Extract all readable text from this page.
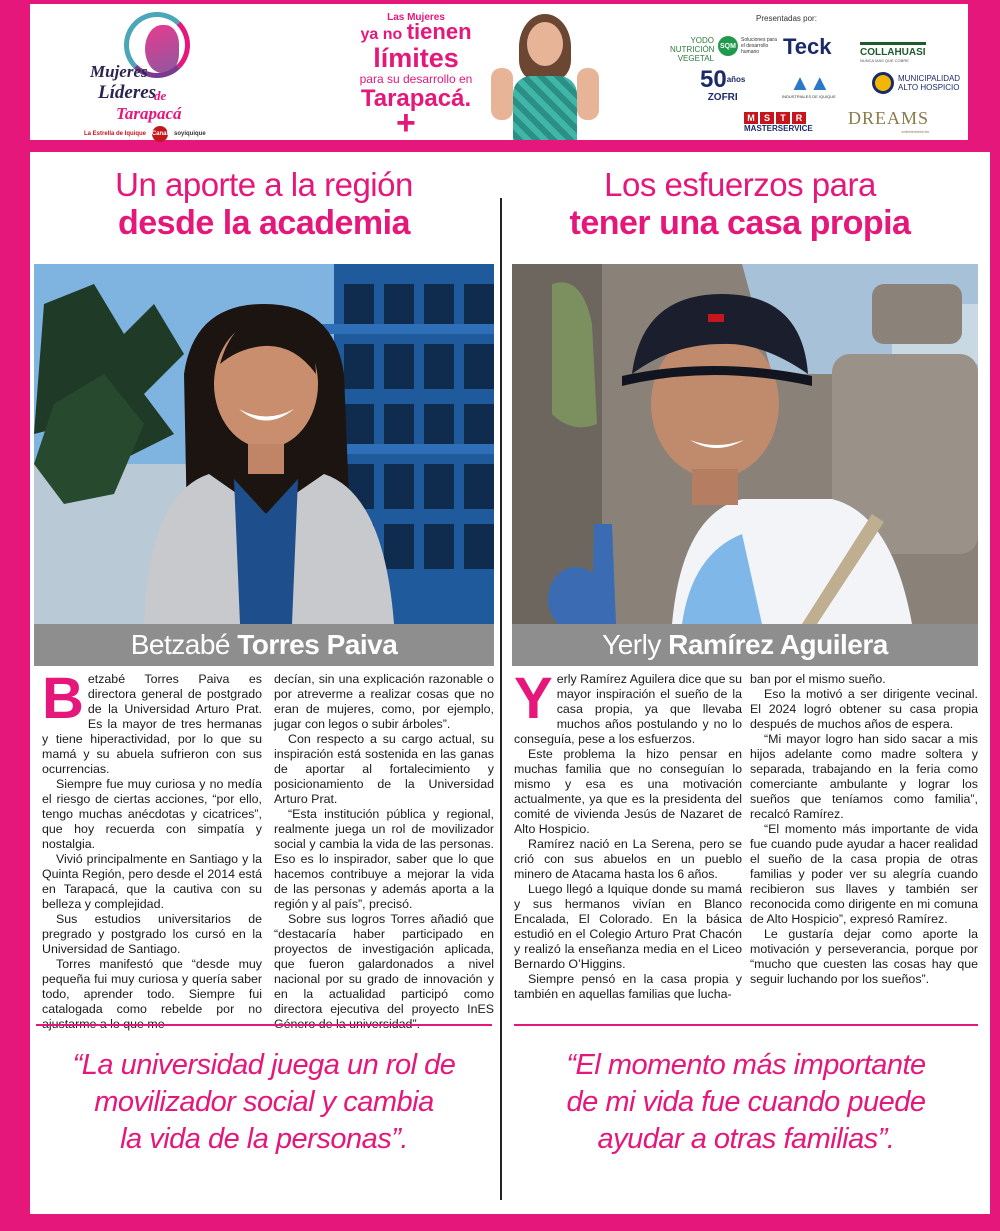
Mujeres
Líderes
de
Tarapacá
La Estrella de Iquique Canal soyiquique
Las Mujeres
ya no tienen
límites
para su desarrollo en
Tarapacá.
+
Presentadas por:
YODO NUTRICIÓN VEGETAL
SQM
Soluciones para el desarrollo humano	Teck	COLLAHUASI
NUNCA MAS QUE COBRE
$50^{años}$
ZOFRI
▲▲
INDUSTRIALES DE IQUIQUE
MUNICIPALIDAD
ALTO HOSPICIO
M	S	T	R
MASTERSERVICE
DREAMS
entretenimiento
Un aporte a la región
desde la academia
Betzabé Torres Paiva

Betzabé Torres Paiva es directora general de postgrado de la Universidad Arturo Prat. Es la mayor de tres hermanas y tiene hiperactividad, por lo que su mamá y su abuela sufrieron con sus ocurrencias.

Siempre fue muy curiosa y no medía el riesgo de ciertas acciones, “por ello, tengo muchas anécdotas y cicatrices”, que hoy recuerda con simpatía y nostalgia.

Vivió principalmente en Santiago y la Quinta Región, pero desde el 2014 está en Tarapacá, que la cautiva con su belleza y complejidad.

Sus estudios universitarios de pregrado y postgrado los cursó en la Universidad de Santiago.

Torres manifestó que “desde muy pequeña fui muy curiosa y quería saber todo, aprender todo. Siempre fui catalogada como rebelde por no

decían, sin una explicación razonable o por atreverme a realizar cosas que no eran de mujeres, como, por ejemplo, jugar con legos o subir árboles”.

Con respecto a su cargo actual, su inspiración está sostenida en las ganas de aportar al fortalecimiento y posicionamiento de la Universidad Arturo Prat.

“Esta institución pública y regional, realmente juega un rol de movilizador social y cambia la vida de las personas. Eso es lo inspirador, saber que lo que hacemos contribuye a mejorar la vida de las personas y además aporta a la región y al país”, precisó.

Sobre sus logros Torres añadió que “destacaría haber participado en proyectos de investigación aplicada, que fueron galardonados a nivel nacional por su grado de innovación y en la actualidad participó como directora ejecutiva del proyecto InES

“La universidad juega un rol de
movilizador social y cambia
la vida de la personas”.
Los esfuerzos para
tener una casa propia
Yerly Ramírez Aguilera

Yerly Ramírez Aguilera dice que su mayor inspiración el sueño de la casa propia, ya que llevaba muchos años postulando y no lo conseguía, pese a los esfuerzos.

Este problema la hizo pensar en muchas familia que no conseguían lo mismo y esa es una motivación actualmente, ya que es la presidenta del comité de vivienda Jesús de Nazaret de Alto Hospicio.

Ramírez nació en La Serena, pero se crió con sus abuelos en un pueblo minero de Atacama hasta los 6 años.

Luego llegó a Iquique donde su mamá y sus hermanos vivían en Blanco Encalada, El Colorado. En la básica estudió en el Colegio Arturo Prat Chacón y realizó la enseñanza media en el Liceo Bernardo O’Higgins.

Siempre pensó en la casa propia y también en aquellas familias que lucha-

ban por el mismo sueño.

Eso la motivó a ser dirigente vecinal. El 2024 logró obtener su casa propia después de muchos años de espera.

“Mi mayor logro han sido sacar a mis hijos adelante como madre soltera y separada, trabajando en la feria como comerciante ambulante y lograr los sueños que teníamos como familia”, recalcó Ramírez.

“El momento más importante de vida fue cuando pude ayudar a hacer realidad el sueño de la casa propia de otras familias y poder ver su alegría cuando recibieron sus llaves y también ser reconocida como dirigente en mi comuna de Alto Hospicio”, expresó Ramírez.

Le gustaría dejar como aporte la motivación y perseverancia, porque por “mucho que cuesten las cosas hay que seguir luchando por los sueños”.

“El momento más importante
de mi vida fue cuando puede
ayudar a otras familias”.
